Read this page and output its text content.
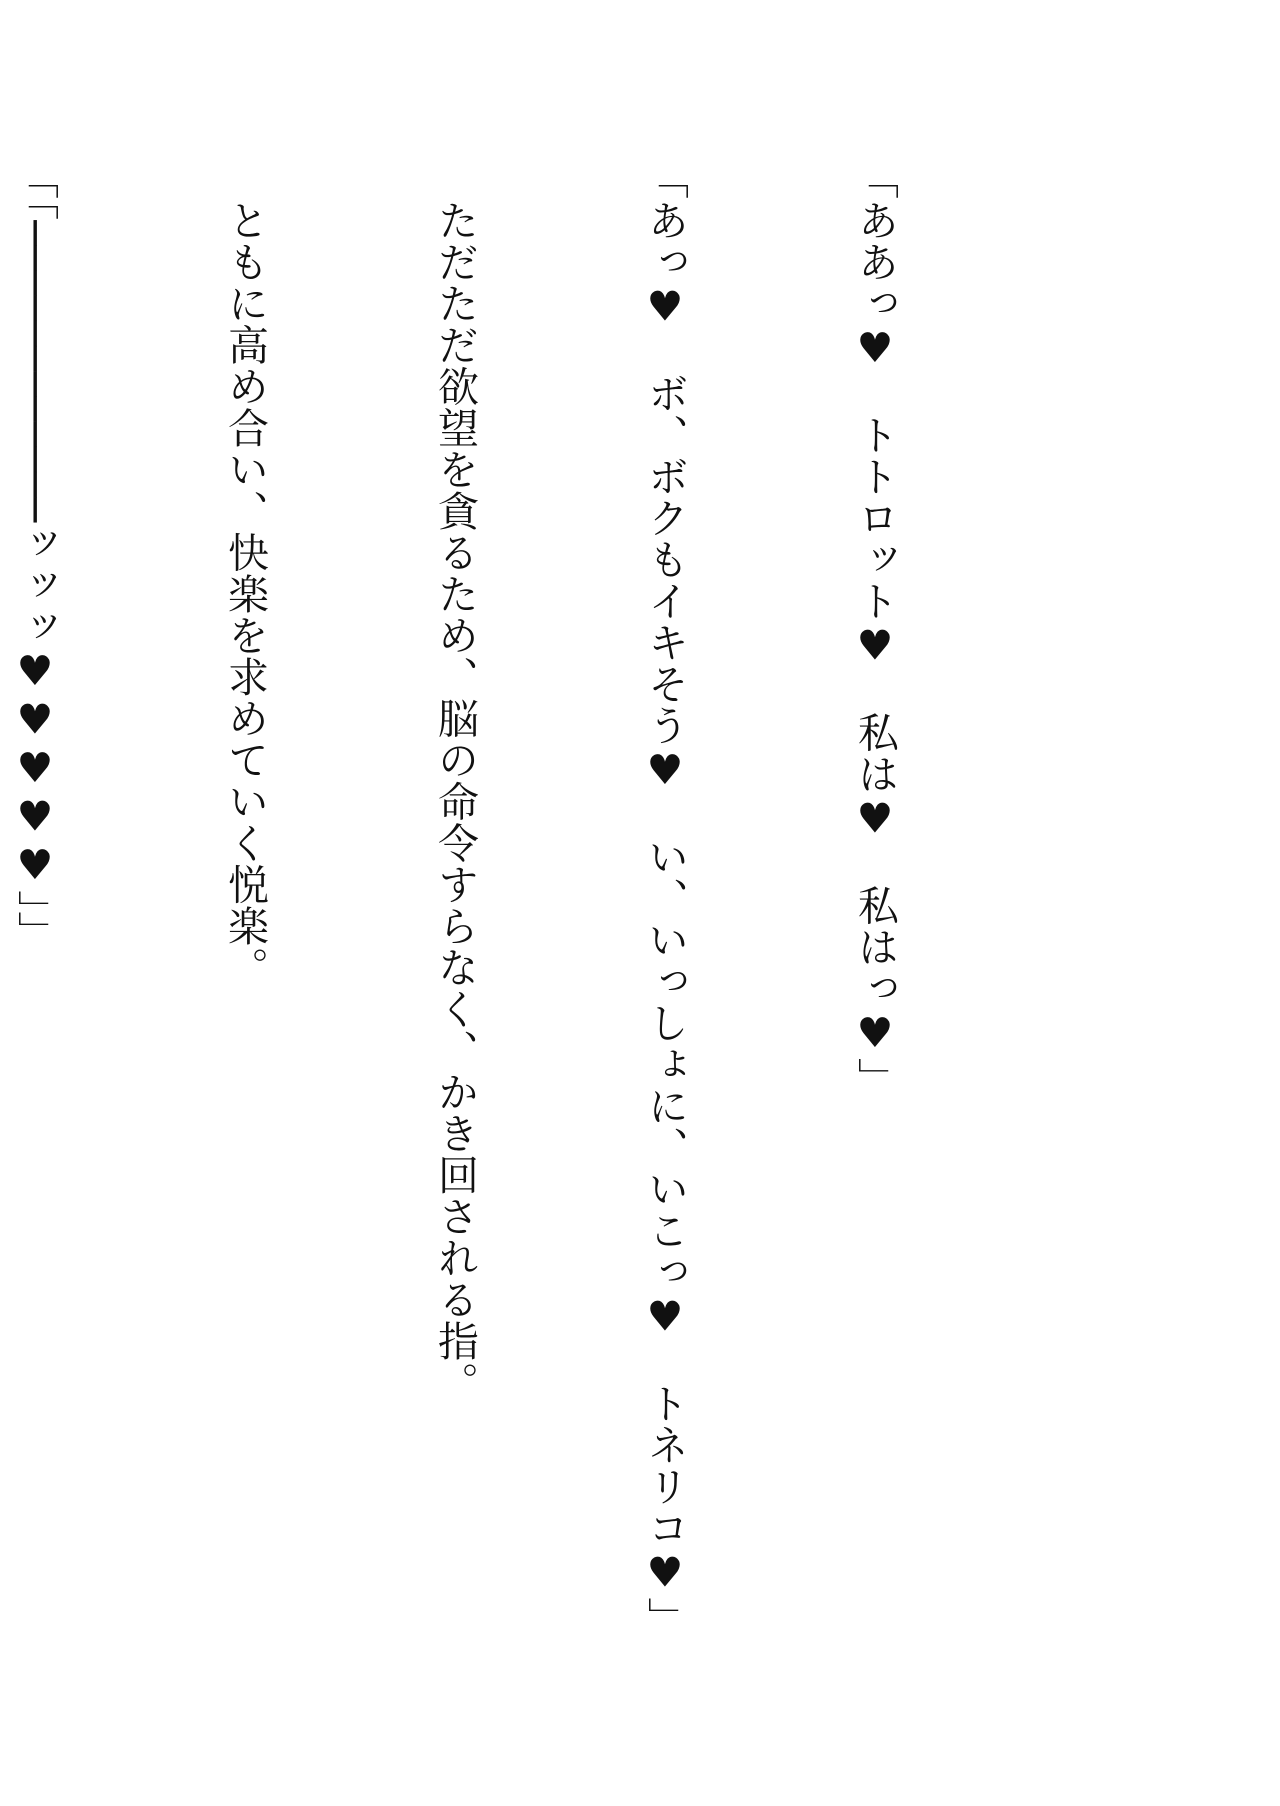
「ああっ♥　トトロット♥　私は♥　私はっ♥」

「あっ♥　ボ、ボクもイキそう♥　い、いっしょに、いこっ♥　トネリコ♥」

　ただただ欲望を貪るため、脳の命令すらなく、かき回される指。

　ともに高め合い、快楽を求めていく悦楽。

「「────────────ッッッ♥♥♥♥♥」」
